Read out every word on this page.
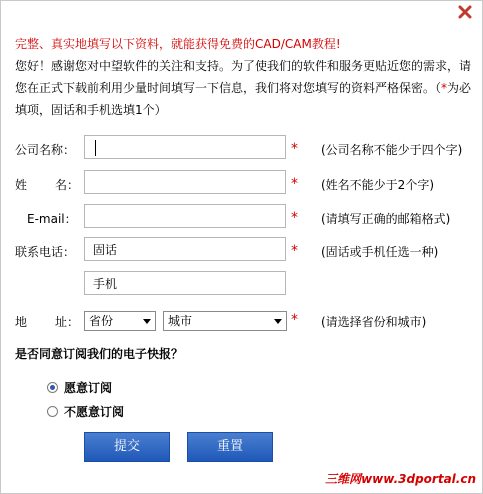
完整、真实地填写以下资料，就能获得免费的CAD/CAM教程!
您好！感谢您对中望软件的关注和支持。为了使我们的软件和服务更贴近您的需求，请您在正式下载前利用少量时间填写一下信息，我们将对您填写的资料严格保密。（*为必填项，固话和手机选填1个）
公司名称：	* (公司名称不能少于四个字)
姓 名：	* (姓名不能少于2个字)
E-mail：	* (请填写正确的邮箱格式)
联系电话：
固话	* (固话或手机任选一种)
手机
地 址： 省份	城市	* (请选择省份和城市)
是否同意订阅我们的电子快报？
愿意订阅
不愿意订阅
提交	重置
三维网www.3dportal.cn
